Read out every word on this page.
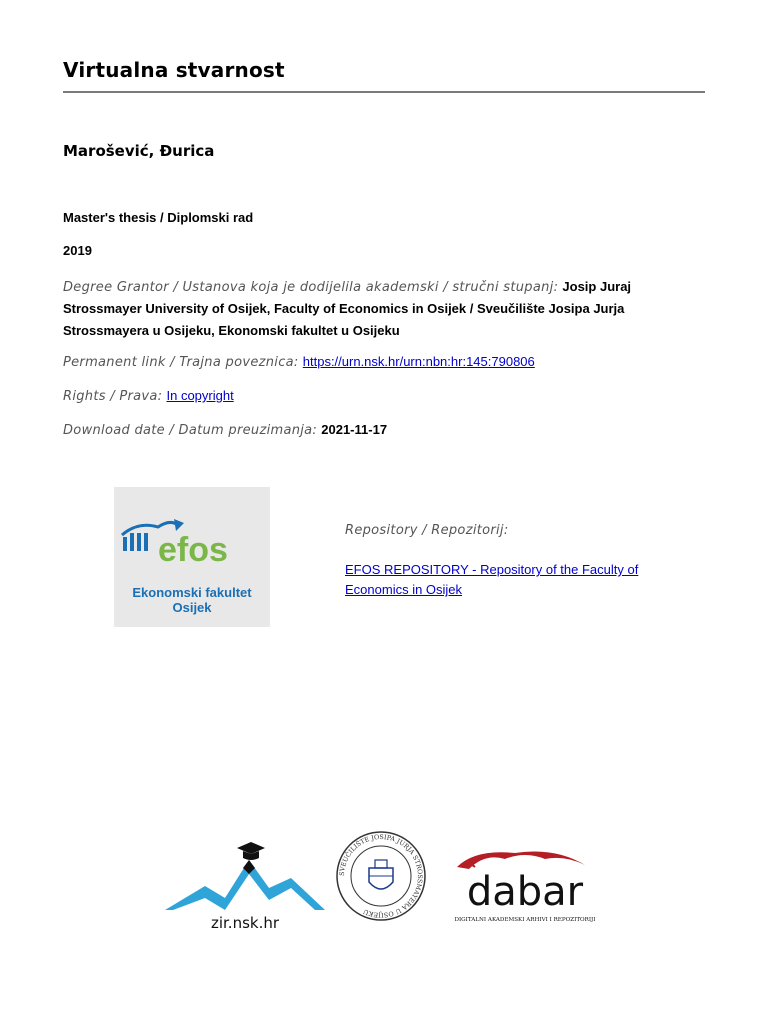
Virtualna stvarnost
Marošević, Đurica
Master's thesis / Diplomski rad
2019
Degree Grantor / Ustanova koja je dodijelila akademski / stručni stupanj: Josip Juraj Strossmayer University of Osijek, Faculty of Economics in Osijek / Sveučilište Josipa Jurja Strossmayera u Osijeku, Ekonomski fakultet u Osijeku
Permanent link / Trajna poveznica: https://urn.nsk.hr/urn:nbn:hr:145:790806
Rights / Prava: In copyright
Download date / Datum preuzimanja: 2021-11-17
efos
Ekonomski fakultet
Osijek
Repository / Repozitorij:
EFOS REPOSITORY - Repository of the Faculty of Economics in Osijek
zir.nsk.hr
SVEUČILIŠTE JOSIPA JURJA STROSSMAYERA U OSIJEKU	dabar
DIGITALNI AKADEMSKI ARHIVI I REPOZITORIJI
